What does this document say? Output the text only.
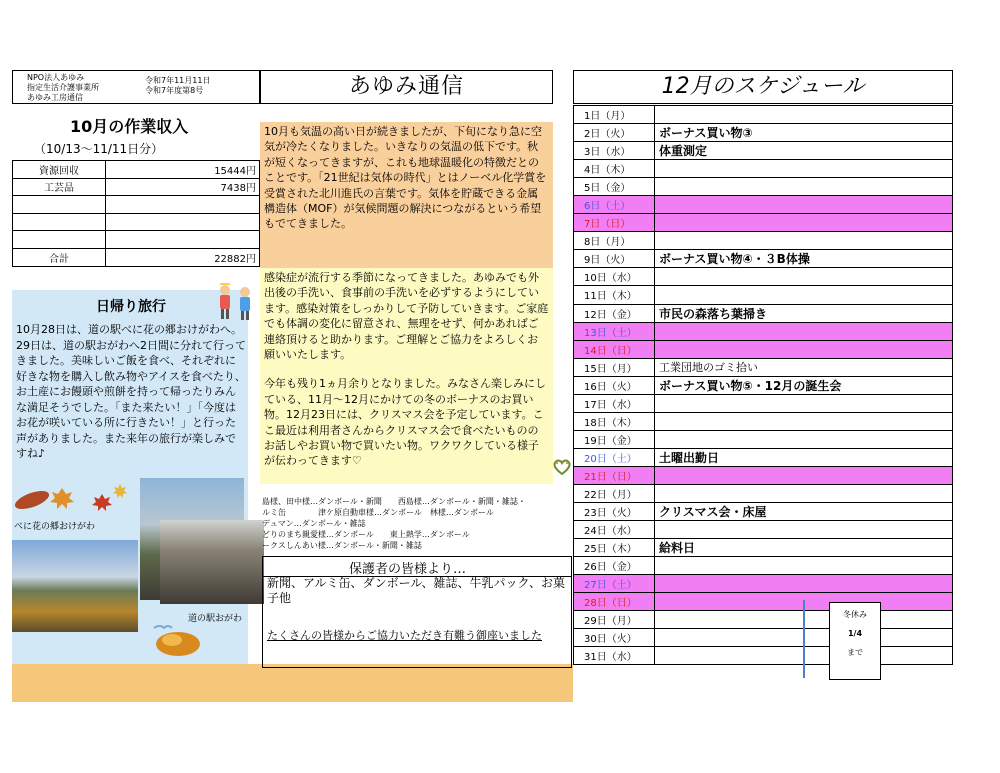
NPO法人あゆみ
指定生活介護事業所
あゆみ工房通信
令和7年11月11日
令和7年度第8号	あゆみ通信
10月の作業収入
（10/13～11/11日分）
資源回収	15444円
工芸品	7438円

合計	22882円
10月も気温の高い日が続きましたが、下旬になり急に空気が冷たくなりました。いきなりの気温の低下です。秋が短くなってきますが、これも地球温暖化の特徴だとのことです。「21世紀は気体の時代」とはノーベル化学賞を受賞された北川進氏の言葉です。気体を貯蔵できる金属構造体（MOF）が気候問題の解決につながるという希望もでてきました。

感染症が流行する季節になってきました。あゆみでも外出後の手洗い、食事前の手洗いを必ずするようにしています。感染対策をしっかりして予防していきます。ご家庭でも体調の変化に留意され、無理をせず、何かあればご連絡頂けると助かります。ご理解とご協力をよろしくお願いいたします。

今年も残り1ヵ月余りとなりました。みなさん楽しみにしている、11月～12月にかけての冬のボーナスのお買い物。12月23日には、クリスマス会を予定しています。ここ最近は利用者さんからクリスマス会で食べたいものの お話しやお買い物で買いたい物。ワクワクしている様子が伝わってきます♡

日帰り旅行
10月28日は、道の駅べに花の郷おけがわへ。29日は、道の駅おがわへ2日間に分れて行ってきました。美味しいご飯を食べ、それぞれに好きな物を購入し飲み物やアイスを食べたり、お土産にお饅頭や煎餅を持って帰ったりみんな満足そうでした。「また来たい！」「今度はお花が咲いている所に行きたい！」と行った声がありました。また来年の旅行が楽しみですね♪
べに花の郷おけがわ
道の駅おがわ
島様、田中様…ダンボール・新聞　　西島様…ダンボール・新聞・雑誌・
ルミ缶　　　　津ケ原自動車様…ダンボール　林様…ダンボール
デュマン…ダンボール・雑誌
どりのまち親愛様…ダンボール　　東上熱学…ダンボール
ークスしんあい様…ダンボール・新聞・雑誌
保護者の皆様より…
新聞、アルミ缶、ダンボール、雑誌、牛乳パック、お菓子他
たくさんの皆様からご協力いただき有難う御座いました
12月のスケジュール
1日（月）	
2日（火）	ボーナス買い物③
3日（水）	体重測定
4日（木）	
5日（金）	
6日（土）	
7日（日）	
8日（月）	
9日（火）	ボーナス買い物④・３B体操
10日（水）	
11日（木）	
12日（金）	市民の森落ち葉掃き
13日（土）	
14日（日）	
15日（月）	工業団地のゴミ拾い
16日（火）	ボーナス買い物⑤・12月の誕生会
17日（水）	
18日（木）	
19日（金）	
20日（土）	土曜出勤日
21日（日）	
22日（月）	
23日（火）	クリスマス会・床屋
24日（水）	
25日（木）	給料日
26日（金）	
27日（土）	
28日（日）	
29日（月）	
30日（火）	
31日（水）	
冬休み
1/4
まで
